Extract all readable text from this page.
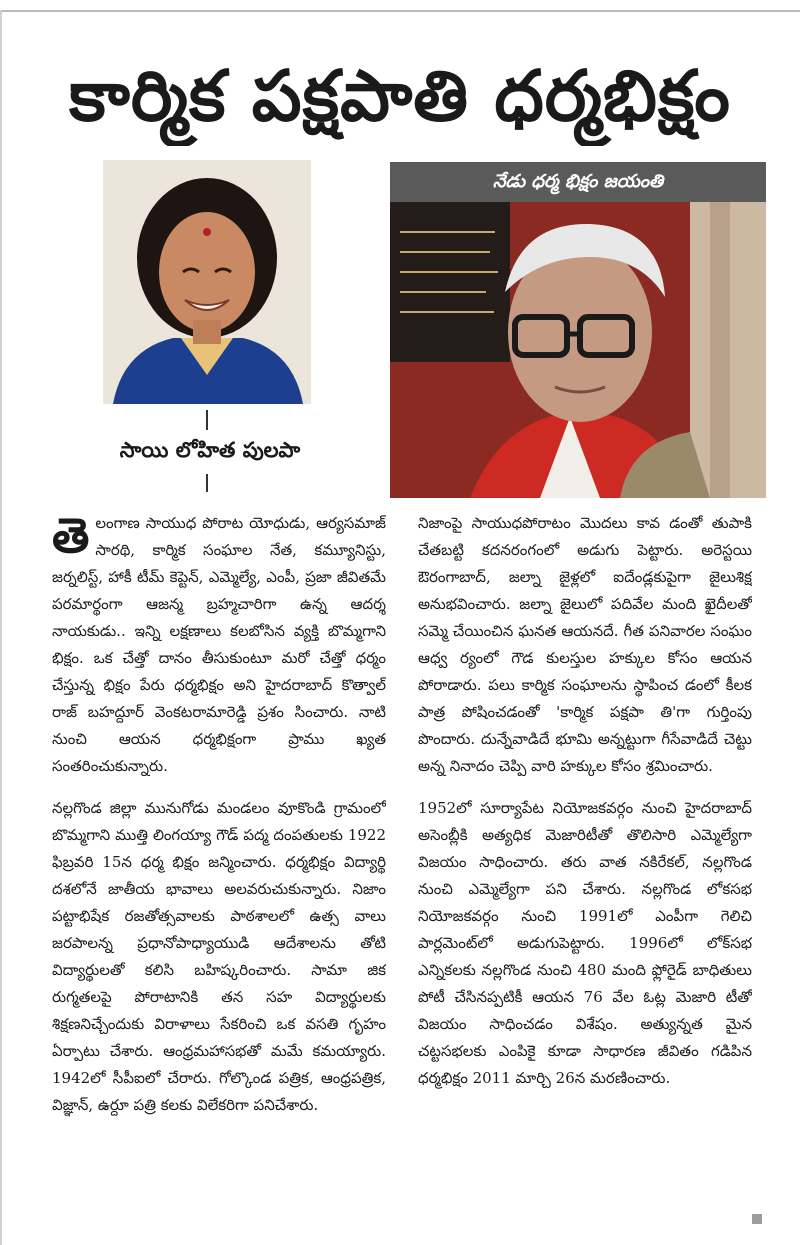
కార్మిక పక్షపాతి ధర్మభిక్షం
సాయి లోహిత పులపా
నేడు ధర్మ భిక్షం జయంతి

తెలంగాణ సాయుధ పోరాట యోధుడు, ఆర్యసమాజ్ సారథి, కార్మిక సంఘాల నేత, కమ్యూనిస్టు, జర్నలిస్ట్, హాకీ టీమ్ కెప్టెన్, ఎమ్మెల్యే, ఎంపీ, ప్రజా జీవితమే పరమార్థంగా ఆజన్మ బ్రహ్మచారిగా ఉన్న ఆదర్శ నాయకుడు.. ఇన్ని లక్షణాలు కలబోసిన వ్యక్తి బొమ్మగాని భిక్షం. ఒక చేత్తో దానం తీసుకుంటూ మరో చేత్తో ధర్మం చేస్తున్న భిక్షం పేరు ధర్మభిక్షం అని హైదరాబాద్ కొత్వాల్ రాజ్ బహద్దూర్ వెంకటరామారెడ్డి ప్రశం సించారు. నాటి నుంచి ఆయన ధర్మభిక్షంగా ప్రాము ఖ్యత సంతరించుకున్నారు.

నల్లగొండ జిల్లా మునుగోడు మండలం వూకొండి గ్రామంలో బొమ్మగాని ముత్తి లింగయ్యా గౌడ్ పద్మ దంపతులకు 1922 ఫిబ్రవరి 15న ధర్మ భిక్షం జన్మించారు. ధర్మభిక్షం విద్యార్థి దశలోనే జాతీయ భావాలు అలవరుచుకున్నారు. నిజాం పట్టాభిషేక రజతోత్సవాలకు పాఠశాలలో ఉత్స వాలు జరపాలన్న ప్రధానోపాధ్యాయుడి ఆదేశాలను తోటి విద్యార్థులతో కలిసి బహిష్కరించారు. సామా జిక రుగ్మతలపై పోరాటానికి తన సహ విద్యార్థులకు శిక్షణనిచ్చేందుకు విరాళాలు సేకరించి ఒక వసతి గృహం ఏర్పాటు చేశారు. ఆంధ్రమహాసభతో మమే కమయ్యారు. 1942లో సీపీఐలో చేరారు. గోల్కొండ పత్రిక, ఆంధ్రపత్రిక, విజ్ఞాన్, ఉర్దూ పత్రి కలకు విలేకరిగా పనిచేశారు.

నిజాంపై సాయుధపోరాటం మొదలు కావ డంతో తుపాకి చేతబట్టి కదనరంగంలో అడుగు పెట్టారు. అరెస్టయి ఔరంగాబాద్, జల్నా జైళ్లలో ఐదేండ్లకుపైగా జైలుశిక్ష అనుభవించారు. జల్నా జైలులో పదివేల మంది ఖైదీలతో సమ్మె చేయించిన ఘనత ఆయనదే. గీత పనివారల సంఘం ఆధ్వ ర్యంలో గౌడ కులస్తుల హక్కుల కోసం ఆయన పోరాడారు. పలు కార్మిక సంఘాలను స్థాపించ డంలో కీలక పాత్ర పోషించడంతో 'కార్మిక పక్షపా తి'గా గుర్తింపు పొందారు. దున్నేవాడిదే భూమి అన్నట్టుగా గీసేవాడిదే చెట్టు అన్న నినాదం చెప్పి వారి హక్కుల కోసం శ్రమించారు.

1952లో సూర్యాపేట నియోజకవర్గం నుంచి హైదరాబాద్ అసెంబ్లీకి అత్యధిక మెజారిటీతో తొలిసారి ఎమ్మెల్యేగా విజయం సాధించారు. తరు వాత నకిరేకల్, నల్లగొండ నుంచి ఎమ్మెల్యేగా పని చేశారు. నల్లగొండ లోకసభ నియోజకవర్గం నుంచి 1991లో ఎంపీగా గెలిచి పార్లమెంట్‌లో అడుగుపెట్టారు. 1996లో లోక్‌సభ ఎన్నికలకు నల్లగొండ నుంచి 480 మంది ఫ్లోరైడ్ బాధితులు పోటీ చేసినప్పటికీ ఆయన 76 వేల ఓట్ల మెజారి టీతో విజయం సాధించడం విశేషం. అత్యున్నత మైన చట్టసభలకు ఎంపికైె కూడా సాధారణ జీవితం గడిపిన ధర్మభిక్షం 2011 మార్చి 26న మరణించారు.
